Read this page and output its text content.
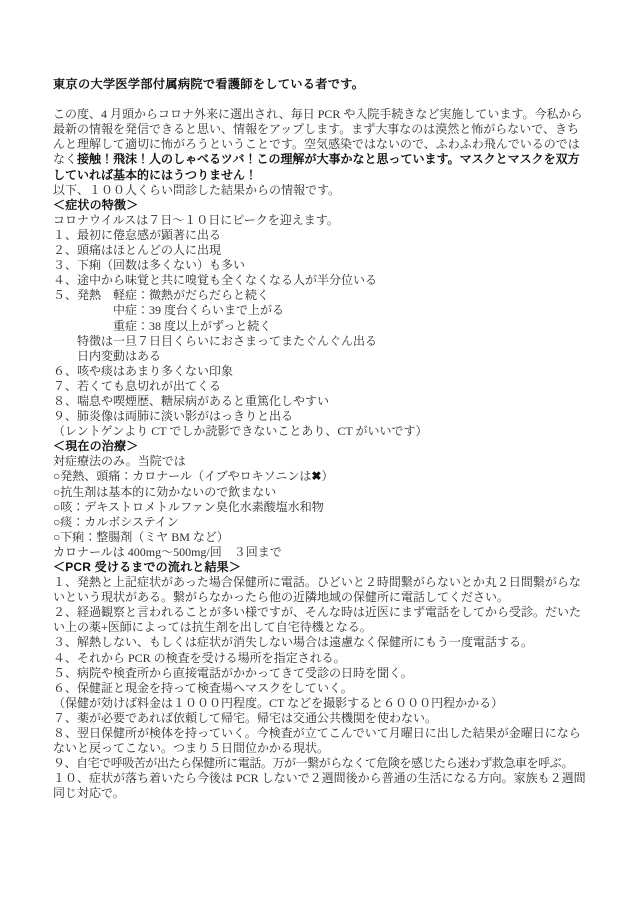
東京の大学医学部付属病院で看護師をしている者です。

この度、4 月頭からコロナ外来に選出され、毎日 PCR や入院手続きなど実施しています。今私から
最新の情報を発信できると思い、情報をアップします。まず大事なのは漠然と怖がらないで、きち
んと理解して適切に怖がろうということです。空気感染ではないので、ふわふわ飛んでいるのでは
なく接触！飛沫！人のしゃべるツバ！この理解が大事かなと思っています。マスクとマスクを双方
していれば基本的にはうつりません！
以下、１００人くらい問診した結果からの情報です。
＜症状の特徴＞
コロナウイルスは７日～１０日にピークを迎えます。
１、最初に倦怠感が顕著に出る
２、頭痛はほとんどの人に出現
３、下痢（回数は多くない）も多い
４、途中から味覚と共に嗅覚も全くなくなる人が半分位いる
５、発熱　軽症：微熱がだらだらと続く
　　　　　中症：39 度台くらいまで上がる
　　　　　重症：38 度以上がずっと続く
　　特徴は一旦７日目くらいにおさまってまたぐんぐん出る
　　日内変動はある
６、咳や痰はあまり多くない印象
７、若くても息切れが出てくる
８、喘息や喫煙歴、糖尿病があると重篤化しやすい
９、肺炎像は両肺に淡い影がはっきりと出る
（レントゲンより CT でしか読影できないことあり、CT がいいです）
＜現在の治療＞
対症療法のみ。当院では
○発熱、頭痛：カロナール（イブやロキソニンは✖）
○抗生剤は基本的に効かないので飲まない
○咳：デキストロメトルファン臭化水素酸塩水和物
○痰：カルボシステイン
○下痢：整腸剤（ミヤ BM など）
カロナールは 400mg～500mg/回　３回まで
＜PCR 受けるまでの流れと結果＞
１、発熱と上記症状があった場合保健所に電話。ひどいと２時間繋がらないとか丸２日間繋がらな
いという現状がある。繋がらなかったら他の近隣地域の保健所に電話してください。
２、経過観察と言われることが多い様ですが、そんな時は近医にまず電話をしてから受診。だいた
い上の薬+医師によっては抗生剤を出して自宅待機となる。
３、解熱しない、もしくは症状が消失しない場合は遠慮なく保健所にもう一度電話する。
４、それから PCR の検査を受ける場所を指定される。
５、病院や検査所から直接電話がかかってきて受診の日時を聞く。
６、保健証と現金を持って検査場へマスクをしていく。
（保健が効けば料金は１０００円程度。CT などを撮影すると６０００円程かかる）
７、薬が必要であれば依頼して帰宅。帰宅は交通公共機関を使わない。
８、翌日保健所が検体を持っていく。今検査が立てこんでいて月曜日に出した結果が金曜日になら
ないと戻ってこない。つまり５日間位かかる現状。
９、自宅で呼吸苦が出たら保健所に電話。万が一繋がらなくて危険を感じたら迷わず救急車を呼ぶ。
１０、症状が落ち着いたら今後は PCR しないで２週間後から普通の生活になる方向。家族も２週間
同じ対応で。
